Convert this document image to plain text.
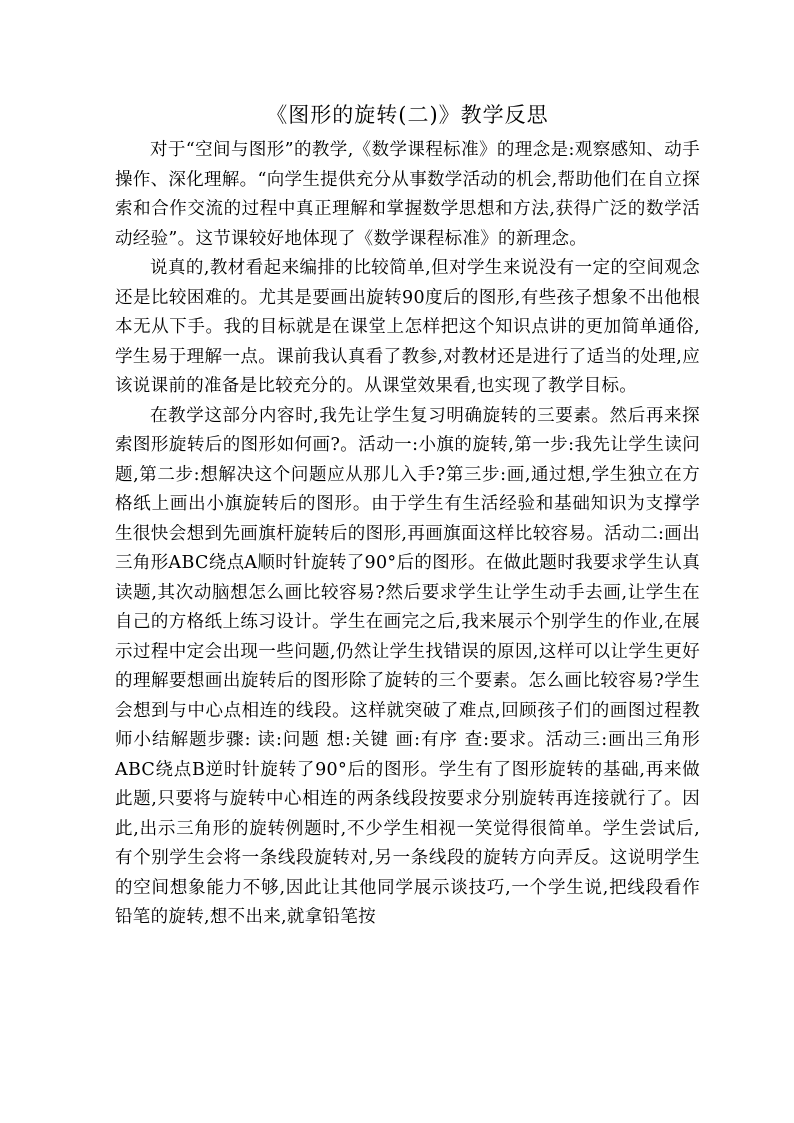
《图形的旋转(二)》教学反思

对于“空间与图形”的教学,《数学课程标准》的理念是:观察感知、动手操作、深化理解。“向学生提供充分从事数学活动的机会,帮助他们在自立探索和合作交流的过程中真正理解和掌握数学思想和方法,获得广泛的数学活动经验”。这节课较好地体现了《数学课程标准》的新理念。

说真的,教材看起来编排的比较简单,但对学生来说没有一定的空间观念还是比较困难的。尤其是要画出旋转90度后的图形,有些孩子想象不出他根本无从下手。我的目标就是在课堂上怎样把这个知识点讲的更加简单通俗,学生易于理解一点。课前我认真看了教参,对教材还是进行了适当的处理,应该说课前的准备是比较充分的。从课堂效果看,也实现了教学目标。

在教学这部分内容时,我先让学生复习明确旋转的三要素。然后再来探索图形旋转后的图形如何画?。活动一:小旗的旋转,第一步:我先让学生读问题,第二步:想解决这个问题应从那儿入手?第三步:画,通过想,学生独立在方格纸上画出小旗旋转后的图形。由于学生有生活经验和基础知识为支撑学生很快会想到先画旗杆旋转后的图形,再画旗面这样比较容易。活动二:画出三角形ABC绕点A顺时针旋转了90°后的图形。在做此题时我要求学生认真读题,其次动脑想怎么画比较容易?然后要求学生让学生动手去画,让学生在自己的方格纸上练习设计。学生在画完之后,我来展示个别学生的作业,在展示过程中定会出现一些问题,仍然让学生找错误的原因,这样可以让学生更好的理解要想画出旋转后的图形除了旋转的三个要素。怎么画比较容易?学生会想到与中心点相连的线段。这样就突破了难点,回顾孩子们的画图过程教师小结解题步骤: 读:问题 想:关键 画:有序 查:要求。活动三:画出三角形ABC绕点B逆时针旋转了90°后的图形。学生有了图形旋转的基础,再来做此题,只要将与旋转中心相连的两条线段按要求分别旋转再连接就行了。因此,出示三角形的旋转例题时,不少学生相视一笑觉得很简单。学生尝试后,有个别学生会将一条线段旋转对,另一条线段的旋转方向弄反。这说明学生的空间想象能力不够,因此让其他同学展示谈技巧,一个学生说,把线段看作铅笔的旋转,想不出来,就拿铅笔按
